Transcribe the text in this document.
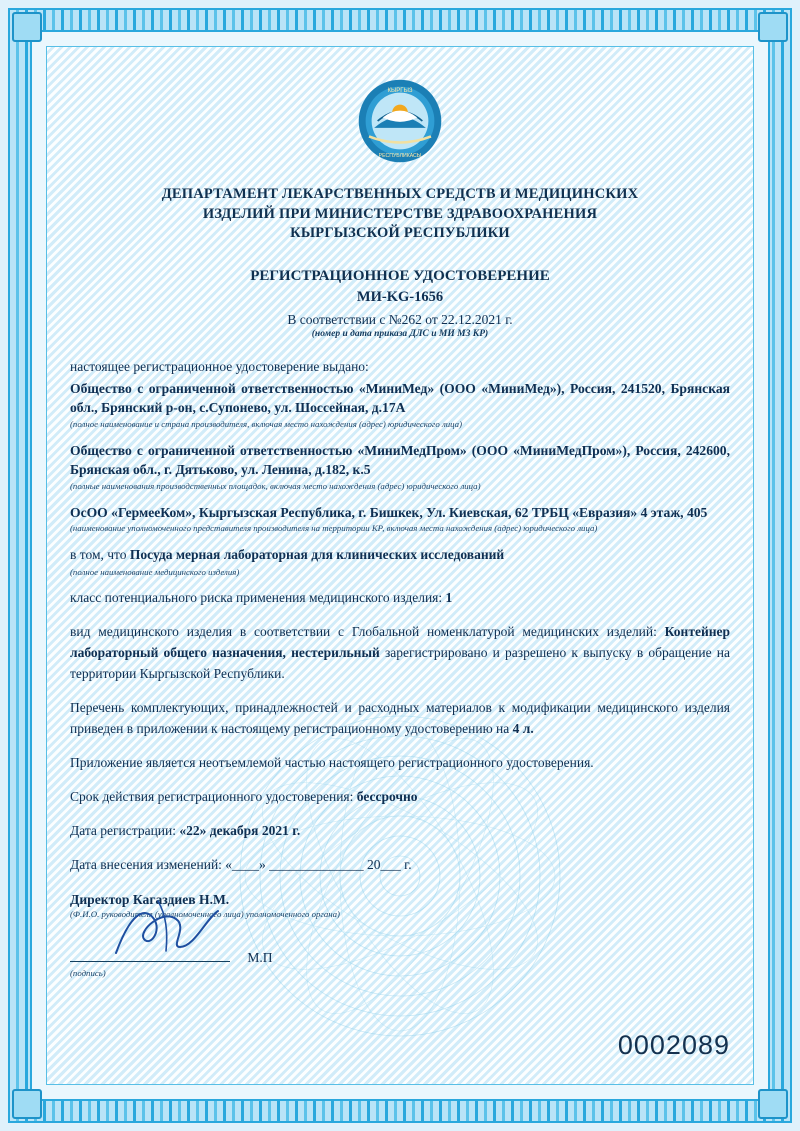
КЫРГЫЗ
РЕСПУБЛИКАСЫ
ДЕПАРТАМЕНТ ЛЕКАРСТВЕННЫХ СРЕДСТВ И МЕДИЦИНСКИХ
ИЗДЕЛИЙ ПРИ МИНИСТЕРСТВЕ ЗДРАВООХРАНЕНИЯ
КЫРГЫЗСКОЙ РЕСПУБЛИКИ
РЕГИСТРАЦИОННОЕ УДОСТОВЕРЕНИЕ
МИ-KG-1656
В соответствии с №262 от 22.12.2021 г.
(номер и дата приказа ДЛС и МИ МЗ КР)
настоящее регистрационное удостоверение выдано:
Общество с ограниченной ответственностью «МиниМед» (ООО «МиниМед»), Россия, 241520, Брянская обл., Брянский р-он, с.Супонево, ул. Шоссейная, д.17А
(полное наименование и страна производителя, включая место нахождения (адрес) юридического лица)
Общество с ограниченной ответственностью «МиниМедПром» (ООО «МиниМедПром»), Россия, 242600, Брянская обл., г. Дятьково, ул. Ленина, д.182, к.5
(полные наименования производственных площадок, включая место нахождения (адрес) юридического лица)
ОсОО «ГермееКом», Кыргызская Республика, г. Бишкек, Ул. Киевская, 62 ТРБЦ «Евразия» 4 этаж, 405
(наименование уполномоченного представителя производителя на территории КР, включая места нахождения (адрес) юридического лица)
в том, что Посуда мерная лабораторная для клинических исследований
(полное наименование медицинского изделия)
класс потенциального риска применения медицинского изделия: 1
вид медицинского изделия в соответствии с Глобальной номенклатурой медицинских изделий: Контейнер лабораторный общего назначения, нестерильный зарегистрировано и разрешено к выпуску в обращение на территории Кыргызской Республики.
Перечень комплектующих, принадлежностей и расходных материалов к модификации медицинского изделия приведен в приложении к настоящему регистрационному удостоверению на 4 л.
Приложение является неотъемлемой частью настоящего регистрационного удостоверения.
Срок действия регистрационного удостоверения: бессрочно
Дата регистрации: «22» декабря 2021 г.
Дата внесения изменений: «____» ______________ 20___ г.
Директор Кагаздиев Н.М.
(Ф.И.О. руководителя (уполномоченного лица) уполномоченного органа)
М.П
(подпись)
0002089
